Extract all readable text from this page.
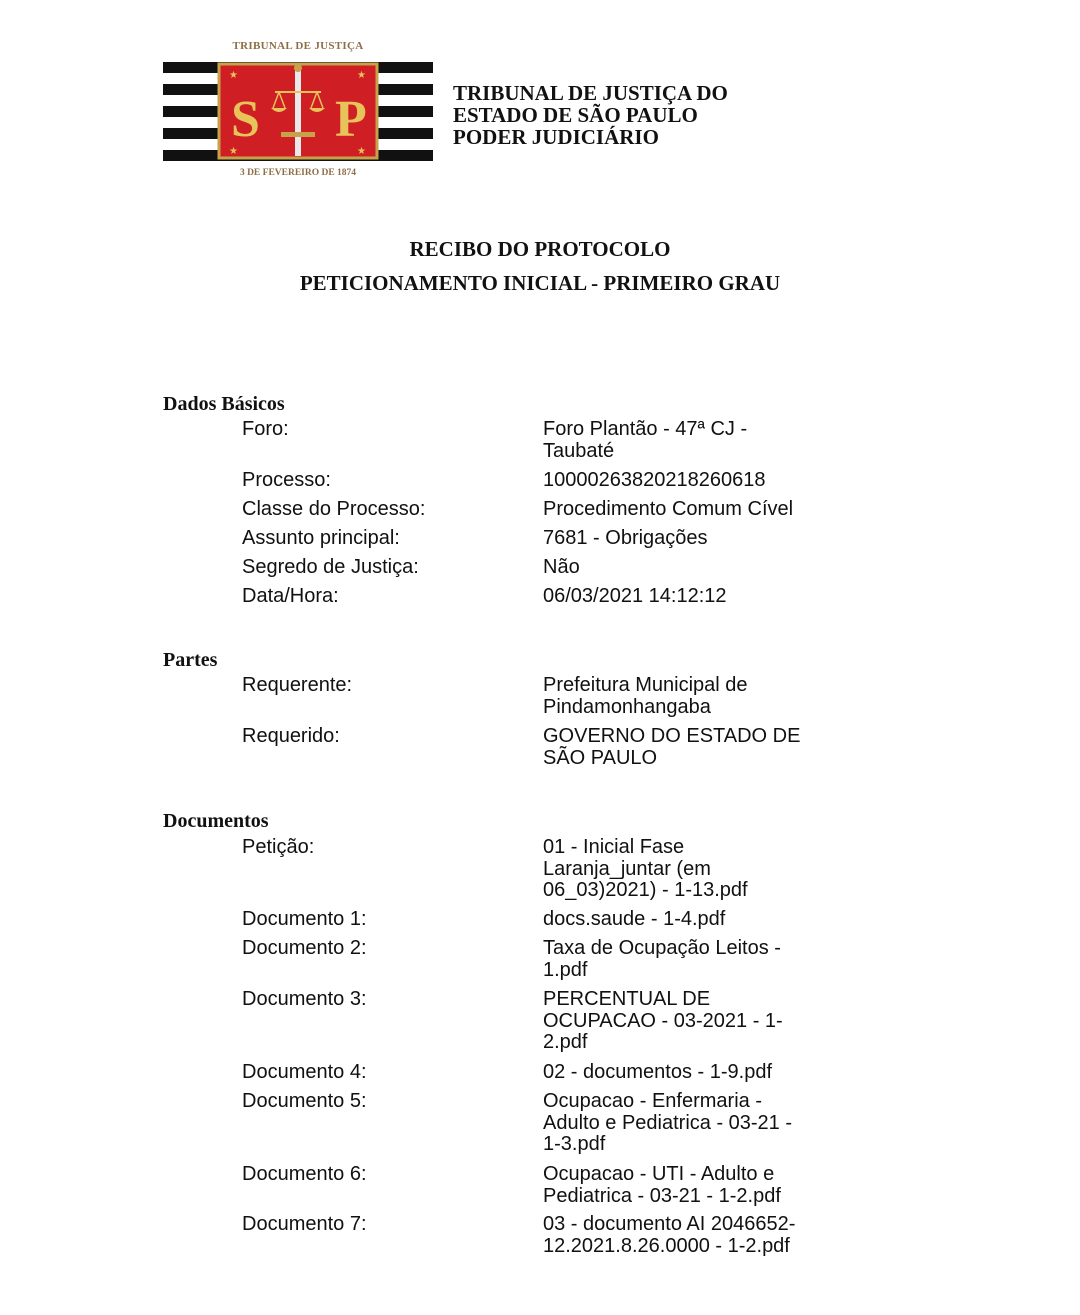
TRIBUNAL DE JUSTIÇA
★	★
★	★
S P
3 DE FEVEREIRO DE 1874
TRIBUNAL DE JUSTIÇA DO
ESTADO DE SÃO PAULO
PODER JUDICIÁRIO
RECIBO DO PROTOCOLO
PETICIONAMENTO INICIAL - PRIMEIRO GRAU
Dados Básicos
Foro:	Foro Plantão - 47ª CJ -
Taubaté
Processo:	10000263820218260618
Classe do Processo:	Procedimento Comum Cível
Assunto principal:	7681 - Obrigações
Segredo de Justiça:	Não
Data/Hora:	06/03/2021 14:12:12
Partes
Requerente:	Prefeitura Municipal de
Pindamonhangaba
Requerido:	GOVERNO DO ESTADO DE
SÃO PAULO
Documentos
Petição:	01 - Inicial Fase
Laranja_juntar (em
06_03)2021) - 1-13.pdf
Documento 1:	docs.saude - 1-4.pdf
Documento 2:	Taxa de Ocupação Leitos -
1.pdf
Documento 3:	PERCENTUAL DE
OCUPACAO - 03-2021 - 1-
2.pdf
Documento 4:	02 - documentos - 1-9.pdf
Documento 5:	Ocupacao - Enfermaria -
Adulto e Pediatrica - 03-21 -
1-3.pdf
Documento 6:	Ocupacao - UTI - Adulto e
Pediatrica - 03-21 - 1-2.pdf
Documento 7:	03 - documento AI 2046652-
12.2021.8.26.0000 - 1-2.pdf
